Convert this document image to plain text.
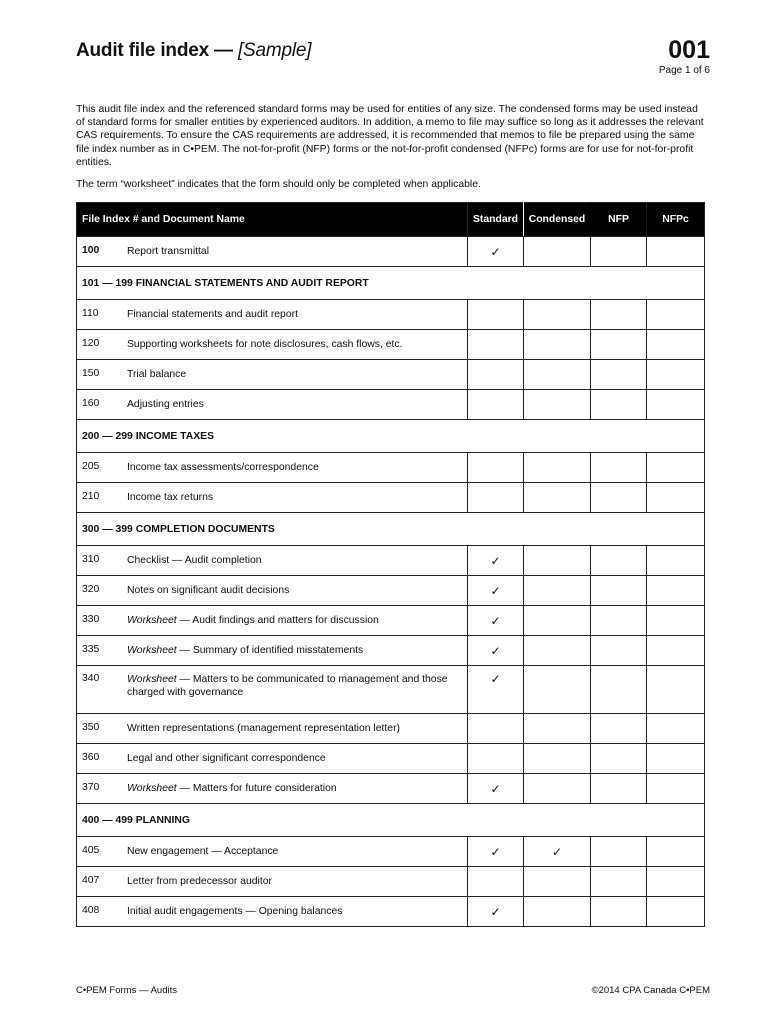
Audit file index — [Sample]	001
Page 1 of 6
This audit file index and the referenced standard forms may be used for entities of any size. The condensed forms may be used instead of standard forms for smaller entities by experienced auditors. In addition, a memo to file may suffice so long as it addresses the relevant CAS requirements. To ensure the CAS requirements are addressed, it is recommended that memos to file be prepared using the same file index number as in C•PEM. The not-for-profit (NFP) forms or the not-for-profit condensed (NFPc) forms are for use for not-for-profit entities.
The term “worksheet” indicates that the form should only be completed when applicable.
File Index # and Document Name	Standard	Condensed	NFP	NFPc
100 Report transmittal	✓			
101 — 199 FINANCIAL STATEMENTS AND AUDIT REPORT				
110 Financial statements and audit report				
120 Supporting worksheets for note disclosures, cash flows, etc.				
150 Trial balance				
160 Adjusting entries				
200 — 299 INCOME TAXES				
205 Income tax assessments/correspondence				
210 Income tax returns				
300 — 399 COMPLETION DOCUMENTS				
310 Checklist — Audit completion	✓			
320 Notes on significant audit decisions	✓			
330 Worksheet — Audit findings and matters for discussion	✓			
335 Worksheet — Summary of identified misstatements	✓			
340 Worksheet — Matters to be communicated to management and those charged with governance	✓			
350 Written representations (management representation letter)				
360 Legal and other significant correspondence				
370 Worksheet — Matters for future consideration	✓			
400 — 499 PLANNING				
405 New engagement — Acceptance	✓	✓		
407 Letter from predecessor auditor				
408 Initial audit engagements — Opening balances	✓			
C•PEM Forms — Audits	©2014 CPA Canada C•PEM
